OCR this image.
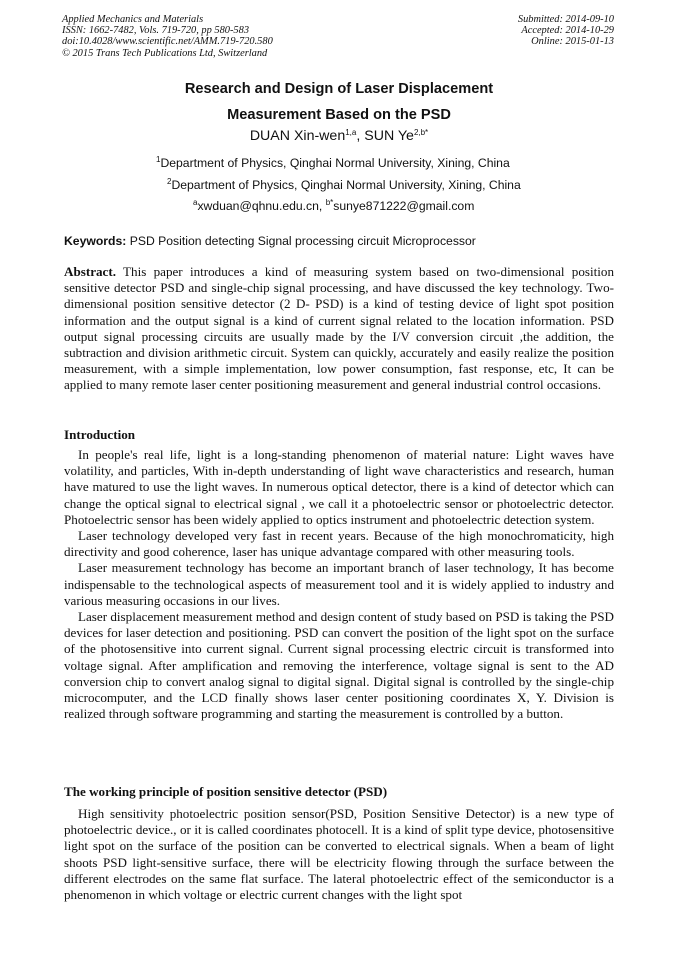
Applied Mechanics and Materials
ISSN: 1662-7482, Vols. 719-720, pp 580-583
doi:10.4028/www.scientific.net/AMM.719-720.580
© 2015 Trans Tech Publications Ltd, Switzerland
Submitted: 2014-09-10
Accepted: 2014-10-29
Online: 2015-01-13
Research and Design of Laser Displacement
Measurement Based on the PSD
DUAN Xin-wen$^{1,a}$, SUN $Ye^{2,b*}$
$^1$Department of Physics, Qinghai Normal University, Xining, China
$^2$Department of Physics, Qinghai Normal University, Xining, China
$^a$xwduan@qhnu.edu.cn, $^{b*}$sunye871222@gmail.com
Keywords: PSD Position detecting Signal processing circuit Microprocessor

Abstract. This paper introduces a kind of measuring system based on two-dimensional position sensitive detector PSD and single-chip signal processing, and have discussed the key technology. Two-dimensional position sensitive detector (2 D- PSD) is a kind of testing device of light spot position information and the output signal is a kind of current signal related to the location information. PSD output signal processing circuits are usually made by the I/V conversion circuit ,the addition, the subtraction and division arithmetic circuit. System can quickly, accurately and easily realize the position measurement, with a simple implementation, low power consumption, fast response, etc, It can be applied to many remote laser center positioning measurement and general industrial control occasions.

Introduction

In people's real life, light is a long-standing phenomenon of material nature: Light waves have volatility, and particles, With in-depth understanding of light wave characteristics and research, human have matured to use the light waves. In numerous optical detector, there is a kind of detector which can change the optical signal to electrical signal , we call it a photoelectric sensor or photoelectric detector. Photoelectric sensor has been widely applied to optics instrument and photoelectric detection system.

Laser technology developed very fast in recent years. Because of the high monochromaticity, high directivity and good coherence, laser has unique advantage compared with other measuring tools.

Laser measurement technology has become an important branch of laser technology, It has become indispensable to the technological aspects of measurement tool and it is widely applied to industry and various measuring occasions in our lives.

Laser displacement measurement method and design content of study based on PSD is taking the PSD devices for laser detection and positioning. PSD can convert the position of the light spot on the surface of the photosensitive into current signal. Current signal processing electric circuit is transformed into voltage signal. After amplification and removing the interference, voltage signal is sent to the AD conversion chip to convert analog signal to digital signal. Digital signal is controlled by the single-chip microcomputer, and the LCD finally shows laser center positioning coordinates X, Y. Division is realized through software programming and starting the measurement is controlled by a button.

The working principle of position sensitive detector (PSD)

High sensitivity photoelectric position sensor(PSD, Position Sensitive Detector) is a new type of photoelectric device., or it is called coordinates photocell. It is a kind of split type device, photosensitive light spot on the surface of the position can be converted to electrical signals. When a beam of light shoots PSD light-sensitive surface, there will be electricity flowing through the surface between the different electrodes on the same flat surface. The lateral photoelectric effect of the semiconductor is a phenomenon in which voltage or electric current changes with the light spot
